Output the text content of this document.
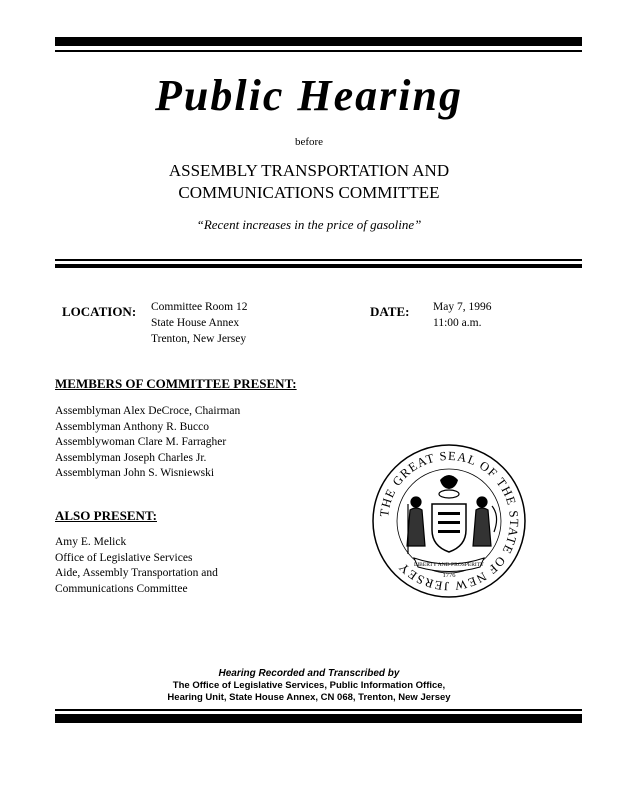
Public Hearing
before
ASSEMBLY TRANSPORTATION AND
COMMUNICATIONS COMMITTEE
“Recent increases in the price of gasoline”
LOCATION: Committee Room 12
State House Annex
Trenton, New Jersey
DATE: May 7, 1996
11:00 a.m.
MEMBERS OF COMMITTEE PRESENT:
Assemblyman Alex DeCroce, Chairman
Assemblyman Anthony R. Bucco
Assemblywoman Clare M. Farragher
Assemblyman Joseph Charles Jr.
Assemblyman John S. Wisniewski
ALSO PRESENT:
Amy E. Melick
Office of Legislative Services
Aide, Assembly Transportation and
Communications Committee
THE GREAT SEAL OF THE STATE OF NEW JERSEY LIBERTY AND PROSPERITY
1776
Hearing Recorded and Transcribed by
The Office of Legislative Services, Public Information Office,
Hearing Unit, State House Annex, CN 068, Trenton, New Jersey
